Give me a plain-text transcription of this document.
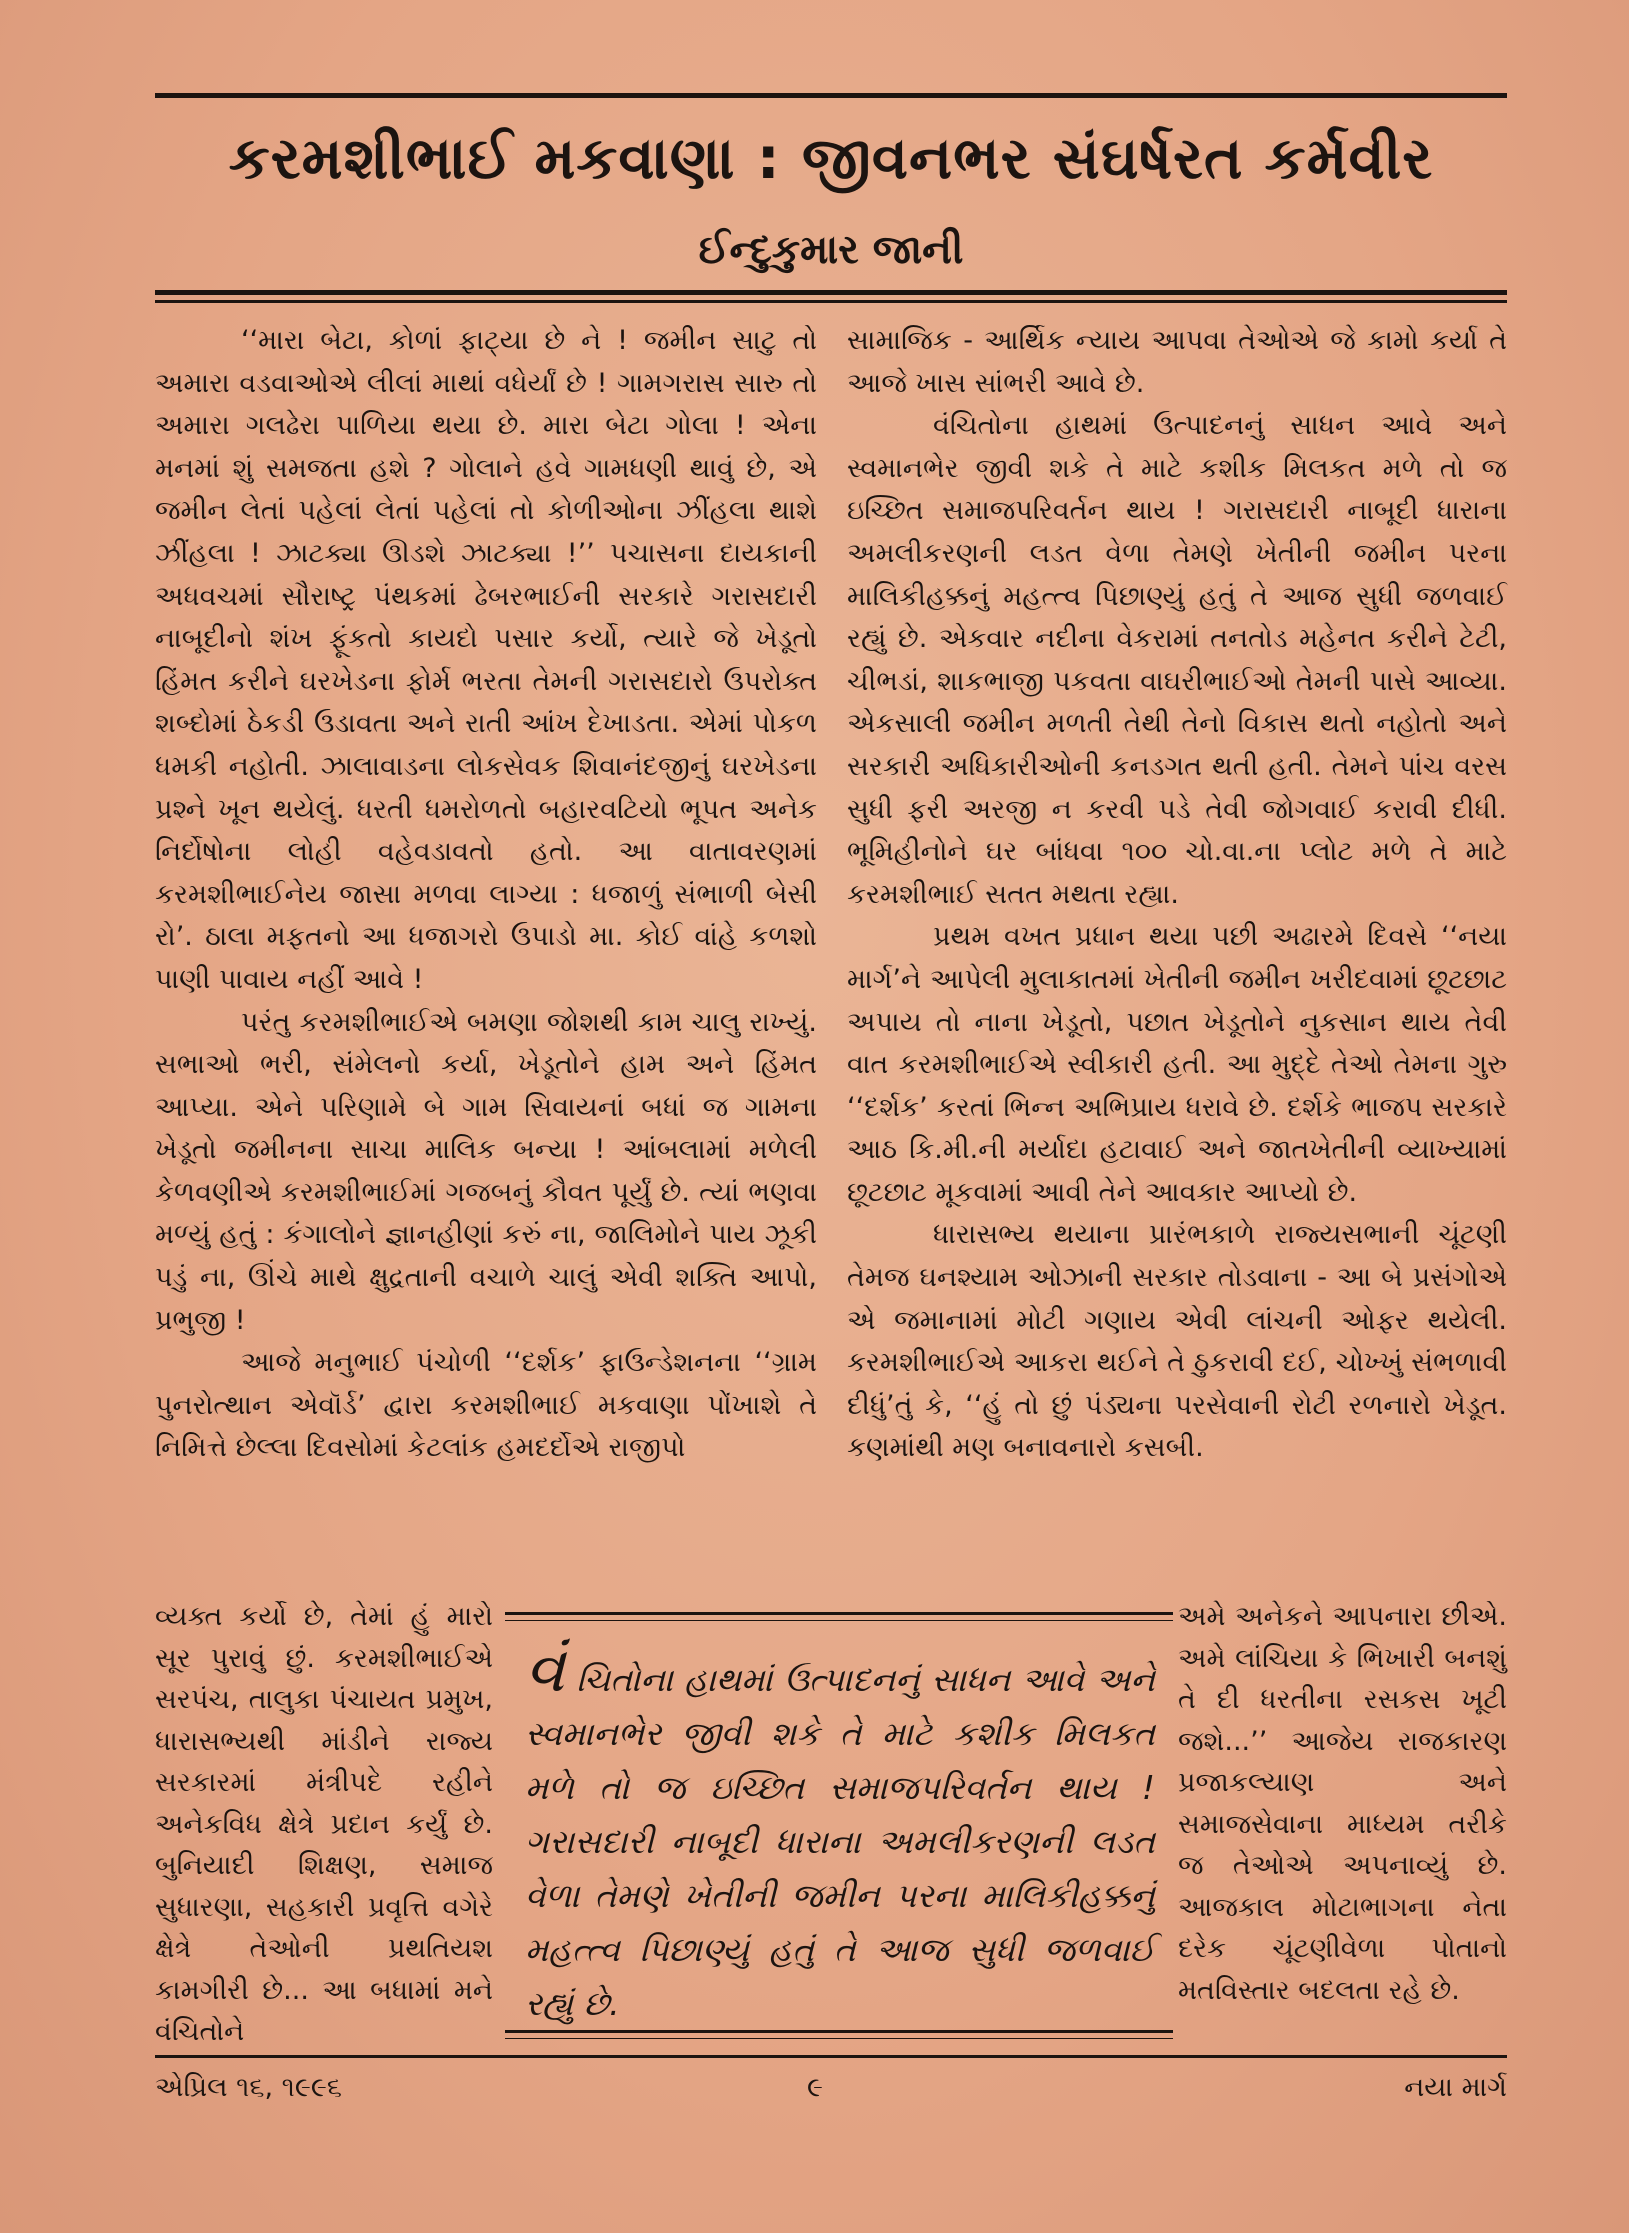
કરમશીભાઈ મકવાણા : જીવનભર સંઘર્ષરત કર્મવીર
ઈન્દુકુમાર જાની

‘‘મારા બેટા, કોળાં ફાટ્યા છે ને ! જમીન સાટુ તો અમારા વડવાઓએ લીલાં માથાં વધેર્યાં છે ! ગામગરાસ સારુ તો અમારા ગલઢેરા પાળિયા થયા છે. મારા બેટા ગોલા ! એના મનમાં શું સમજતા હશે ? ગોલાને હવે ગામધણી થાવું છે, એ જમીન લેતાં પહેલાં લેતાં પહેલાં તો કોળીઓના ઝીંહલા થાશે ઝીંહલા ! ઝાટક્યા ઊડશે ઝાટક્યા !’’ પચાસના દાયકાની અધવચમાં સૌરાષ્ટ્ર પંથકમાં ઢેબરભાઈની સરકારે ગરાસદારી નાબૂદીનો શંખ ફૂંકતો કાયદો પસાર કર્યો, ત્યારે જે ખેડૂતો હિંમત કરીને ઘરખેડના ફોર્મ ભરતા તેમની ગરાસદારો ઉપરોક્ત શબ્દોમાં ઠેકડી ઉડાવતા અને રાતી આંખ દેખાડતા. એમાં પોકળ ધમકી નહોતી. ઝાલાવાડના લોકસેવક શિવાનંદજીનું ઘરખેડના પ્રશ્ને ખૂન થયેલું. ધરતી ધમરોળતો બહારવટિયો ભૂપત અનેક નિર્દોષોના લોહી વહેવડાવતો હતો. આ વાતાવરણમાં કરમશીભાઈનેય જાસા મળવા લાગ્યા : ધજાળું સંભાળી બેસી રો’. ઠાલા મફતનો આ ધજાગરો ઉપાડો મા. કોઈ વાંહે કળશો પાણી પાવાય નહીં આવે !

પરંતુ કરમશીભાઈએ બમણા જોશથી કામ ચાલુ રાખ્યું. સભાઓ ભરી, સંમેલનો કર્યા, ખેડૂતોને હામ અને હિંમત આપ્યા. એને પરિણામે બે ગામ સિવાયનાં બધાં જ ગામના ખેડૂતો જમીનના સાચા માલિક બન્યા ! આંબલામાં મળેલી કેળવણીએ કરમશીભાઈમાં ગજબનું કૌવત પૂર્યું છે. ત્યાં ભણવા મળ્યું હતું : કંગાલોને જ્ઞાનહીણાં કરું ના, જાલિમોને પાય ઝૂકી પડું ના, ઊંચે માથે ક્ષુદ્રતાની વચાળે ચાલું એવી શક્તિ આપો, પ્રભુજી !

આજે મનુભાઈ પંચોળી ‘‘દર્શક’ ફાઉન્ડેશનના ‘‘ગ્રામ પુનરોત્થાન એવૉર્ડ’ દ્વારા કરમશીભાઈ મકવાણા પોંખાશે તે નિમિત્તે છેલ્લા દિવસોમાં કેટલાંક હમદર્દોએ રાજીપો

સામાજિક - આર્થિક ન્યાય આપવા તેઓએ જે કામો કર્યા તે આજે ખાસ સાંભરી આવે છે.

વંચિતોના હાથમાં ઉત્પાદનનું સાધન આવે અને સ્વમાનભેર જીવી શકે તે માટે કશીક મિલકત મળે તો જ ઇચ્છિત સમાજપરિવર્તન થાય ! ગરાસદારી નાબૂદી ધારાના અમલીકરણની લડત વેળા તેમણે ખેતીની જમીન પરના માલિકીહક્કનું મહત્ત્વ પિછાણ્યું હતું તે આજ સુધી જળવાઈ રહ્યું છે. એકવાર નદીના વેકરામાં તનતોડ મહેનત કરીને ટેટી, ચીભડાં, શાકભાજી પકવતા વાઘરીભાઈઓ તેમની પાસે આવ્યા. એકસાલી જમીન મળતી તેથી તેનો વિકાસ થતો નહોતો અને સરકારી અધિકારીઓની કનડગત થતી હતી. તેમને પાંચ વરસ સુધી ફરી અરજી ન કરવી પડે તેવી જોગવાઈ કરાવી દીધી. ભૂમિહીનોને ઘર બાંધવા ૧૦૦ ચો.વા.ના પ્લોટ મળે તે માટે કરમશીભાઈ સતત મથતા રહ્યા.

પ્રથમ વખત પ્રધાન થયા પછી અઢારમે દિવસે ‘‘નયા માર્ગ’ને આપેલી મુલાકાતમાં ખેતીની જમીન ખરીદવામાં છૂટછાટ અપાય તો નાના ખેડૂતો, પછાત ખેડૂતોને નુકસાન થાય તેવી વાત કરમશીભાઈએ સ્વીકારી હતી. આ મુદ્દે તેઓ તેમના ગુરુ ‘‘દર્શક’ કરતાં ભિન્ન અભિપ્રાય ધરાવે છે. દર્શકે ભાજપ સરકારે આઠ કિ.મી.ની મર્યાદા હટાવાઈ અને જાતખેતીની વ્યાખ્યામાં છૂટછાટ મૂકવામાં આવી તેને આવકાર આપ્યો છે.

ધારાસભ્ય થયાના પ્રારંભકાળે રાજ્યસભાની ચૂંટણી તેમજ ઘનશ્યામ ઓઝાની સરકાર તોડવાના - આ બે પ્રસંગોએ એ જમાનામાં મોટી ગણાય એવી લાંચની ઓફર થયેલી. કરમશીભાઈએ આકરા થઈને તે ઠુકરાવી દઈ, ચોખ્ખું સંભળાવી દીધું’તું કે, ‘‘હું તો છું પંડ્યના પરસેવાની રોટી રળનારો ખેડૂત. કણમાંથી મણ બનાવનારો કસબી.

વ્યક્ત કર્યો છે, તેમાં હું મારો સૂર પુરાવું છું. કરમશીભાઈએ સરપંચ, તાલુકા પંચાયત પ્રમુખ, ધારાસભ્યથી માંડીને રાજ્ય સરકારમાં મંત્રીપદે રહીને અનેકવિધ ક્ષેત્રે પ્રદાન કર્યું છે. બુનિયાદી શિક્ષણ, સમાજ સુધારણા, સહકારી પ્રવૃત્તિ વગેરે ક્ષેત્રે તેઓની પ્રથતિયશ કામગીરી છે... આ બધામાં મને વંચિતોને

વં ચિતોના હાથમાં ઉત્પાદનનું સાધન આવે અને સ્વમાનભેર જીવી શકે તે માટે કશીક મિલકત મળે તો જ ઇચ્છિત સમાજપરિવર્તન થાય ! ગરાસદારી નાબૂદી ધારાના અમલીકરણની લડત વેળા તેમણે ખેતીની જમીન પરના માલિકીહક્કનું મહત્ત્વ પિછાણ્યું હતું તે આજ સુધી જળવાઈ રહ્યું છે.

અમે અનેકને આપનારા છીએ. અમે લાંચિયા કે ભિખારી બનશું તે દી ધરતીના રસકસ ખૂટી જશે...’’ આજેય રાજકારણ પ્રજાકલ્યાણ અને સમાજસેવાના માધ્યમ તરીકે જ તેઓએ અપનાવ્યું છે. આજકાલ મોટાભાગના નેતા દરેક ચૂંટણીવેળા પોતાનો મતવિસ્તાર બદલતા રહે છે.

એપ્રિલ ૧૬, ૧૯૯૬	૯	નયા માર્ગ
